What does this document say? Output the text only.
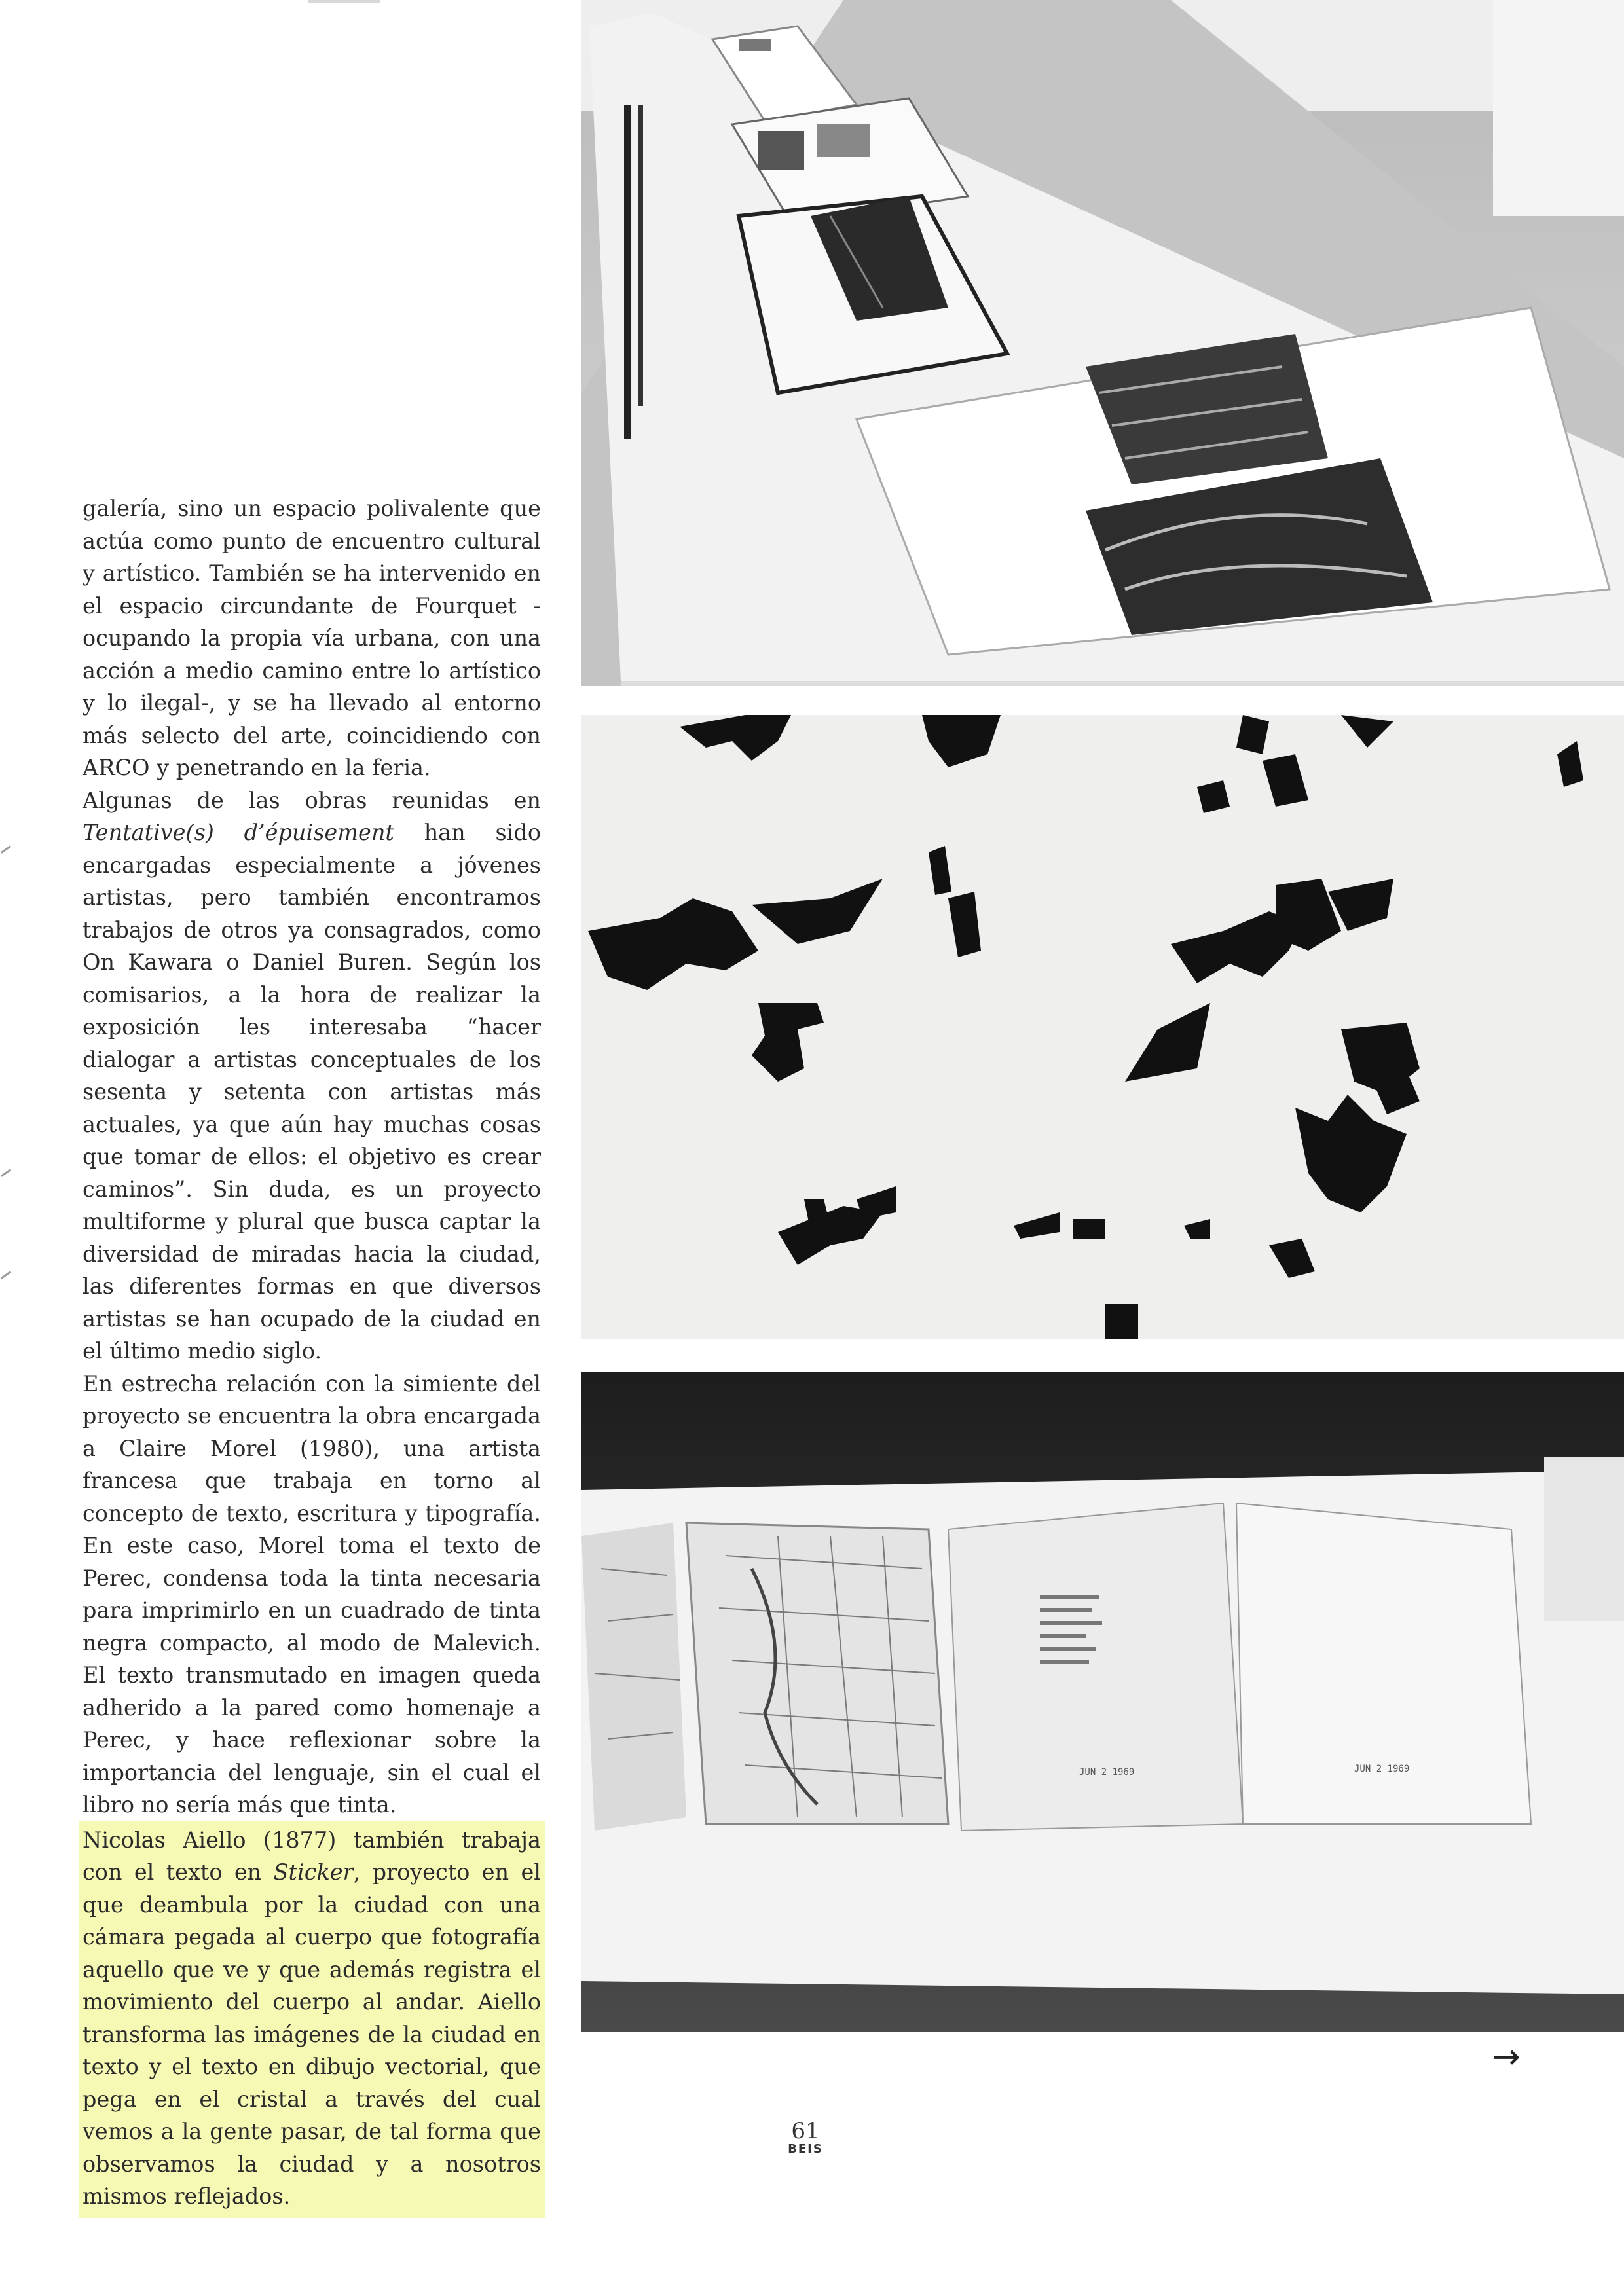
galería, sino un espacio polivalente que actúa como punto de encuentro cultural y artístico. También se ha intervenido en el espacio circundante de Fourquet -ocupando la propia vía urbana, con una acción a medio camino entre lo artístico y lo ilegal-, y se ha llevado al entorno más selecto del arte, coincidiendo con ARCO y penetrando en la feria.

Algunas de las obras reunidas en Tentative(s) d’épuisement han sido encargadas especialmente a jóvenes artistas, pero también encontramos trabajos de otros ya consagrados, como On Kawara o Daniel Buren. Según los comisarios, a la hora de realizar la exposición les interesaba “hacer dialogar a artistas conceptuales de los sesenta y setenta con artistas más actuales, ya que aún hay muchas cosas que tomar de ellos: el objetivo es crear caminos”. Sin duda, es un proyecto multiforme y plural que busca captar la diversidad de miradas hacia la ciudad, las diferentes formas en que diversos artistas se han ocupado de la ciudad en el último medio siglo.

En estrecha relación con la simiente del proyecto se encuentra la obra encargada a Claire Morel (1980), una artista francesa que trabaja en torno al concepto de texto, escritura y tipografía. En este caso, Morel toma el texto de Perec, condensa toda la tinta necesaria para imprimirlo en un cuadrado de tinta negra compacto, al modo de Malevich. El texto transmutado en imagen queda adherido a la pared como homenaje a Perec, y hace reflexionar sobre la importancia del lenguaje, sin el cual el libro no sería más que tinta.

Nicolas Aiello (1877) también trabaja con el texto en Sticker, proyecto en el que deambula por la ciudad con una cámara pegada al cuerpo que fotografía aquello que ve y que además registra el movimiento del cuerpo al andar. Aiello transforma las imágenes de la ciudad en texto y el texto en dibujo vectorial, que pega en el cristal a través del cual vemos a la gente pasar, de tal forma que observamos la ciudad y a nosotros mismos reflejados.

JUN 2 1969	JUN 2 1969
→
61
BEIS
